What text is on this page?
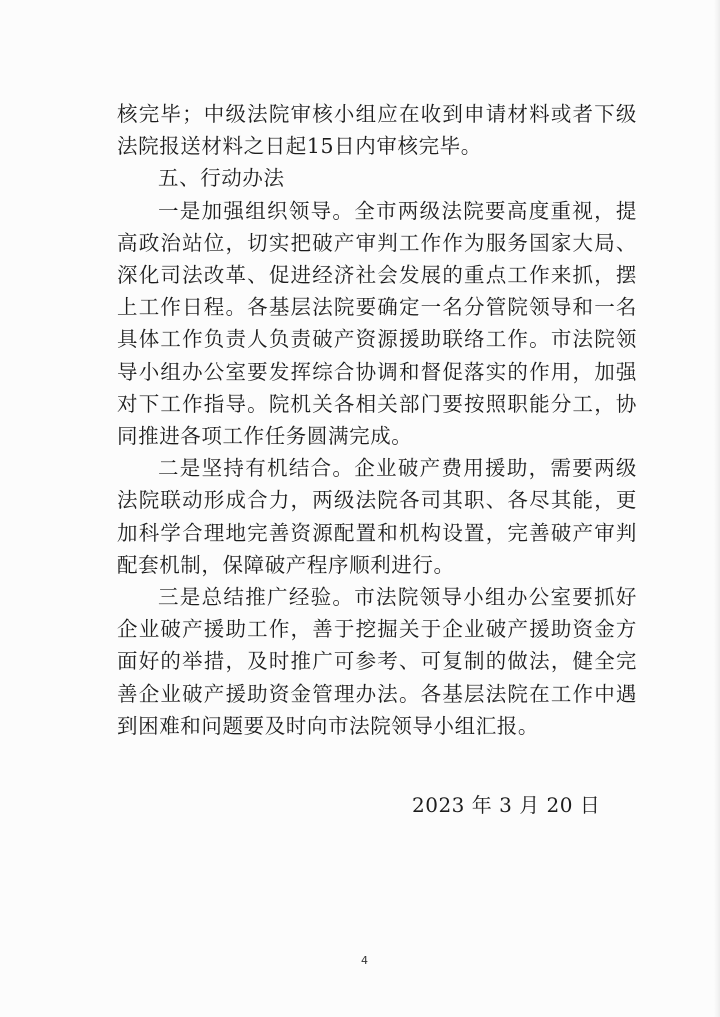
核完毕；中级法院审核小组应在收到申请材料或者下级法院报送材料之日起15日内审核完毕。

五、行动办法

一是加强组织领导。全市两级法院要高度重视，提高政治站位，切实把破产审判工作作为服务国家大局、深化司法改革、促进经济社会发展的重点工作来抓，摆上工作日程。各基层法院要确定一名分管院领导和一名具体工作负责人负责破产资源援助联络工作。市法院领导小组办公室要发挥综合协调和督促落实的作用，加强对下工作指导。院机关各相关部门要按照职能分工，协同推进各项工作任务圆满完成。

二是坚持有机结合。企业破产费用援助，需要两级法院联动形成合力，两级法院各司其职、各尽其能，更加科学合理地完善资源配置和机构设置，完善破产审判配套机制，保障破产程序顺利进行。

三是总结推广经验。市法院领导小组办公室要抓好企业破产援助工作，善于挖掘关于企业破产援助资金方面好的举措，及时推广可参考、可复制的做法，健全完善企业破产援助资金管理办法。各基层法院在工作中遇到困难和问题要及时向市法院领导小组汇报。

2023 年 3 月 20 日
4
